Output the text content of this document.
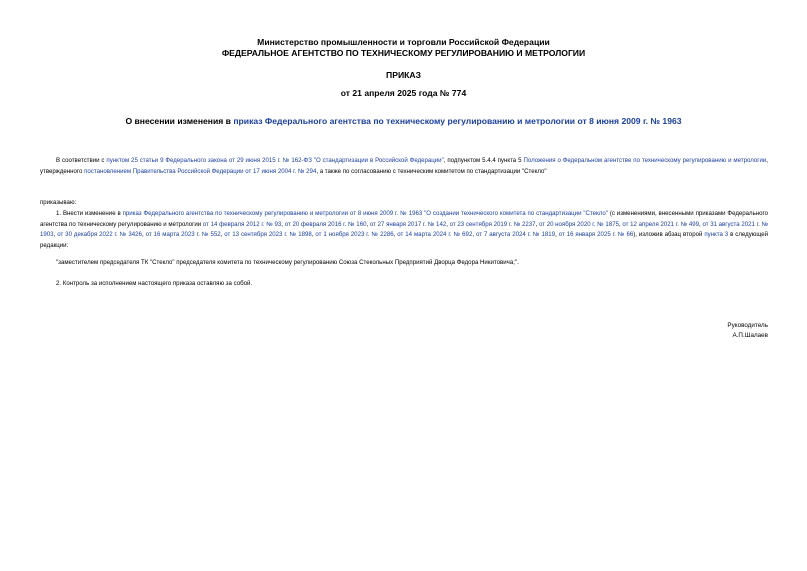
Министерство промышленности и торговли Российской Федерации
ФЕДЕРАЛЬНОЕ АГЕНТСТВО ПО ТЕХНИЧЕСКОМУ РЕГУЛИРОВАНИЮ И МЕТРОЛОГИИ
ПРИКАЗ
от 21 апреля 2025 года № 774
О внесении изменения в приказ Федерального агентства по техническому регулированию и метрологии от 8 июня 2009 г. № 1963
В соответствии с пунктом 25 статьи 9 Федерального закона от 29 июня 2015 г. № 162-ФЗ "О стандартизации в Российской Федерации", подпунктом 5.4.4 пункта 5 Положения о Федеральном агентстве по техническому регулированию и метрологии, утвержденного постановлением Правительства Российской Федерации от 17 июня 2004 г. № 294, а также по согласованию с техническим комитетом по стандартизации "Стекло"
приказываю:
1. Внести изменение в приказ Федерального агентства по техническому регулированию и метрологии от 8 июня 2009 г. № 1963 "О создании технического комитета по стандартизации "Стекло" (с изменениями, внесенными приказами Федерального агентства по техническому регулированию и метрологии от 14 февраля 2012 г. № 93, от 20 февраля 2016 г. № 160, от 27 января 2017 г. № 142, от 23 сентября 2019 г. № 2237, от 20 ноября 2020 г. № 1875, от 12 апреля 2021 г. № 499, от 31 августа 2021 г. № 1903, от 30 декабря 2022 г. № 3426, от 16 марта 2023 г. № 552, от 13 сентября 2023 г. № 1898, от 1 ноября 2023 г. № 2286, от 14 марта 2024 г. № 692, от 7 августа 2024 г. № 1819, от 16 января 2025 г. № 66), изложив абзац второй пункта 3 в следующей редакции:
"заместителем председателя ТК "Стекло" председателя комитета по техническому регулированию Союза Стекольных Предприятий Дворца Федора Никитовича;".
2. Контроль за исполнением настоящего приказа оставляю за собой.
Руководитель
А.П.Шалаев
